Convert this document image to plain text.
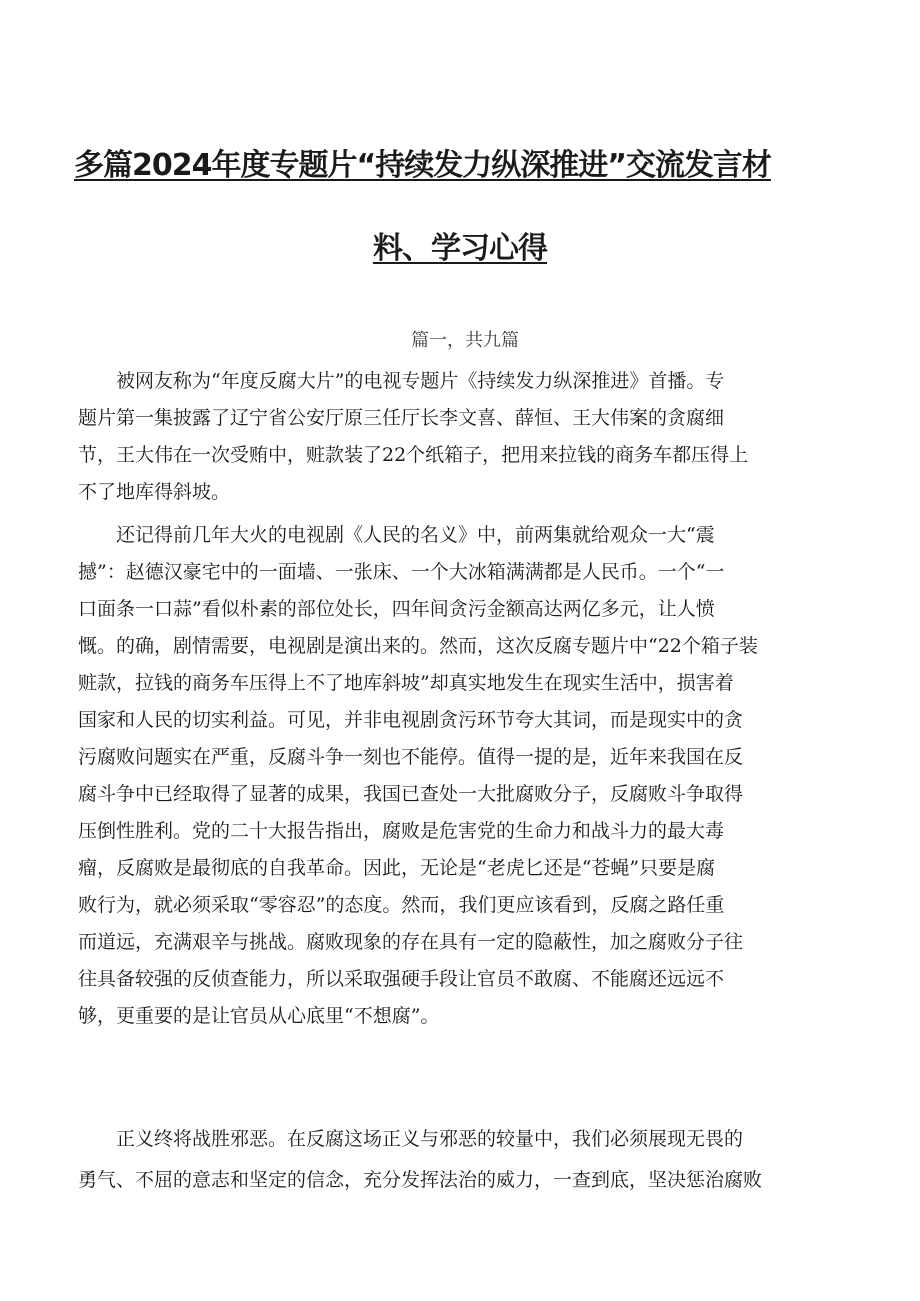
多篇2024年度专题片“持续发力纵深推进”交流发言材
料、学习心得

篇一，共九篇

　　被网友称为“年度反腐大片”的电视专题片《持续发力纵深推进》首播。专
题片第一集披露了辽宁省公安厅原三任厅长李文喜、薛恒、王大伟案的贪腐细
节，王大伟在一次受贿中，赃款装了22个纸箱子，把用来拉钱的商务车都压得上
不了地库得斜坡。
　　还记得前几年大火的电视剧《人民的名义》中，前两集就给观众一大“震
撼”：赵德汉豪宅中的一面墙、一张床、一个大冰箱满满都是人民币。一个“一
口面条一口蒜”看似朴素的部位处长，四年间贪污金额高达两亿多元，让人愤
慨。的确，剧情需要，电视剧是演出来的。然而，这次反腐专题片中“22个箱子装
赃款，拉钱的商务车压得上不了地库斜坡”却真实地发生在现实生活中，损害着
国家和人民的切实利益。可见，并非电视剧贪污环节夸大其词，而是现实中的贪
污腐败问题实在严重，反腐斗争一刻也不能停。值得一提的是，近年来我国在反
腐斗争中已经取得了显著的成果，我国已查处一大批腐败分子，反腐败斗争取得
压倒性胜利。党的二十大报告指出，腐败是危害党的生命力和战斗力的最大毒
瘤，反腐败是最彻底的自我革命。因此，无论是“老虎匕还是“苍蝇”只要是腐
败行为，就必须采取“零容忍”的态度。然而，我们更应该看到，反腐之路任重
而道远，充满艰辛与挑战。腐败现象的存在具有一定的隐蔽性，加之腐败分子往
往具备较强的反侦查能力，所以采取强硬手段让官员不敢腐、不能腐还远远不
够，更重要的是让官员从心底里“不想腐”。
　　正义终将战胜邪恶。在反腐这场正义与邪恶的较量中，我们必须展现无畏的
勇气、不屈的意志和坚定的信念，充分发挥法治的威力，一查到底，坚决惩治腐败
